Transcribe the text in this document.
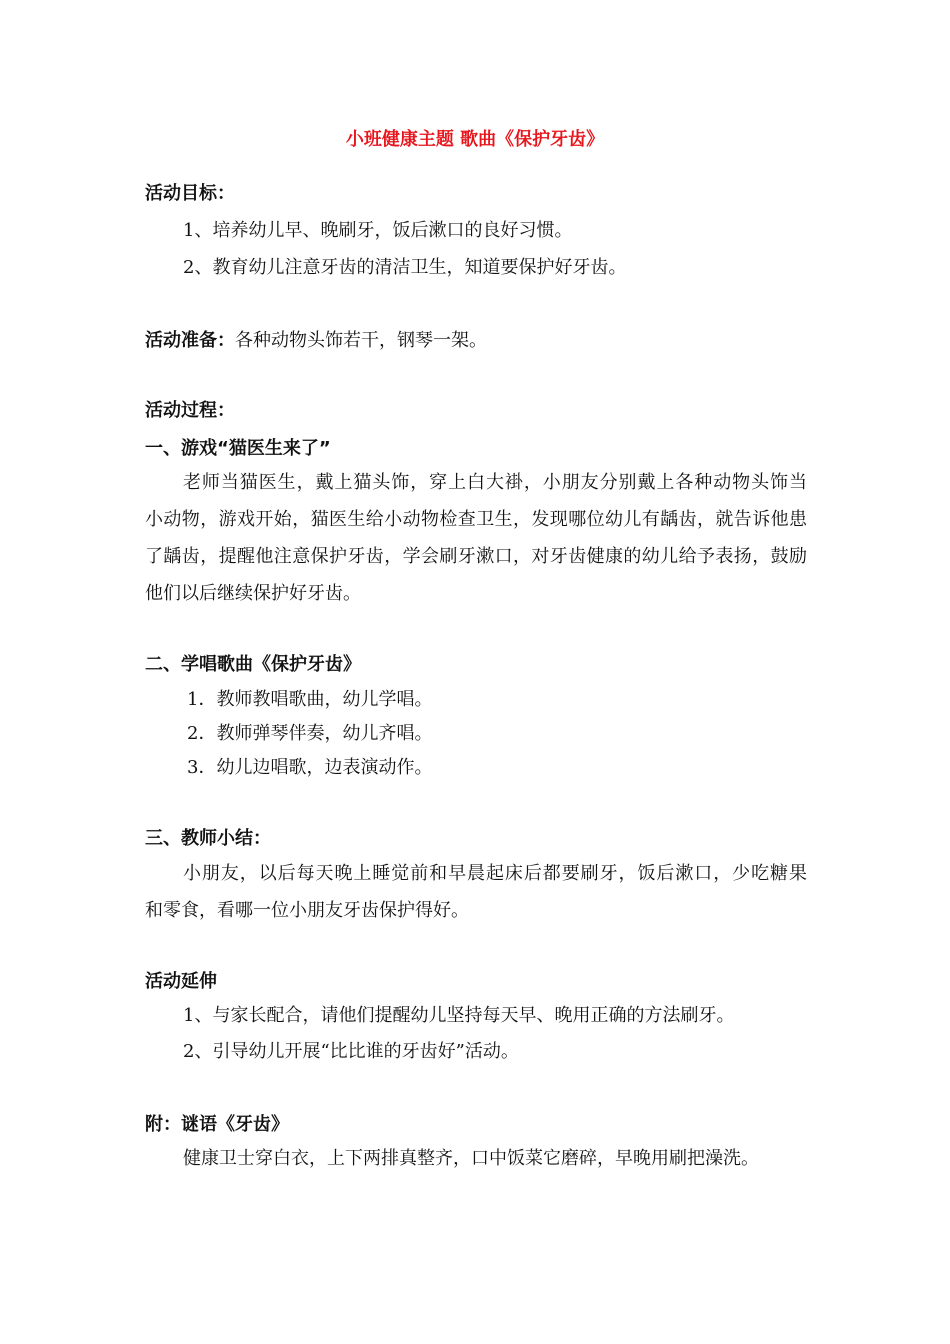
小班健康主题 歌曲《保护牙齿》
活动目标：
1、培养幼儿早、晚刷牙，饭后漱口的良好习惯。
2、教育幼儿注意牙齿的清洁卫生，知道要保护好牙齿。
活动准备：各种动物头饰若干，钢琴一架。
活动过程：
一、游戏“猫医生来了”
老师当猫医生，戴上猫头饰，穿上白大褂，小朋友分别戴上各种动物头饰当
小动物，游戏开始，猫医生给小动物检查卫生，发现哪位幼儿有龋齿，就告诉他患
了龋齿，提醒他注意保护牙齿，学会刷牙漱口，对牙齿健康的幼儿给予表扬，鼓励
他们以后继续保护好牙齿。
二、学唱歌曲《保护牙齿》
1．教师教唱歌曲，幼儿学唱。
2．教师弹琴伴奏，幼儿齐唱。
3．幼儿边唱歌，边表演动作。
三、教师小结：
小朋友，以后每天晚上睡觉前和早晨起床后都要刷牙，饭后漱口，少吃糖果
和零食，看哪一位小朋友牙齿保护得好。
活动延伸
1、与家长配合，请他们提醒幼儿坚持每天早、晚用正确的方法刷牙。
2、引导幼儿开展“比比谁的牙齿好”活动。
附：谜语《牙齿》
健康卫士穿白衣，上下两排真整齐，口中饭菜它磨碎，早晚用刷把澡洗。
